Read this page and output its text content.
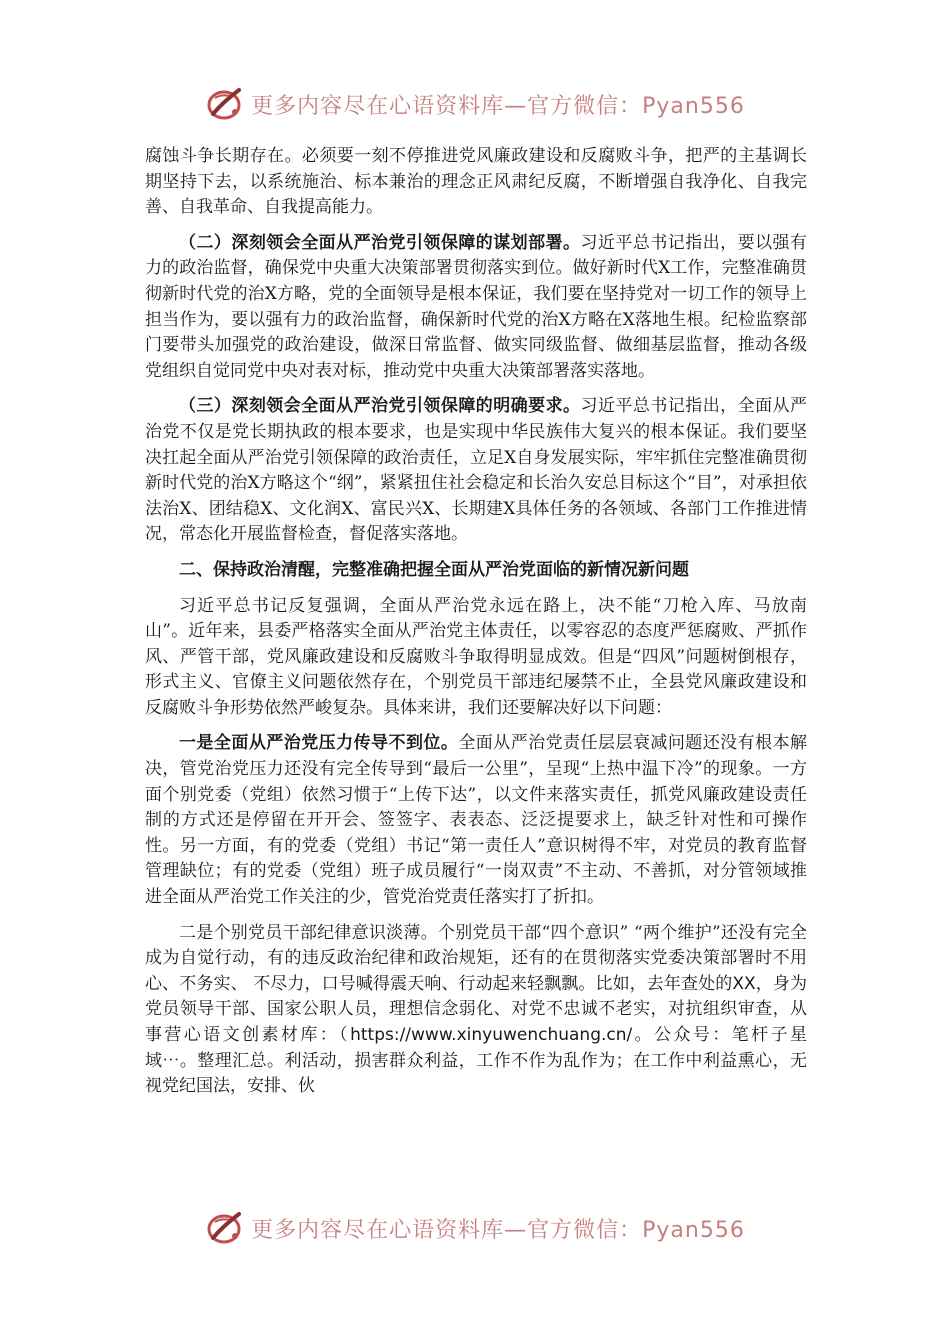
更多内容尽在心语资料库—官方微信：Pyan556

腐蚀斗争长期存在。必须要一刻不停推进党风廉政建设和反腐败斗争，把严的主基调长期坚持下去，以系统施治、标本兼治的理念正风肃纪反腐，不断增强自我净化、自我完善、自我革命、自我提高能力。

（二）深刻领会全面从严治党引领保障的谋划部署。习近平总书记指出，要以强有力的政治监督，确保党中央重大决策部署贯彻落实到位。做好新时代X工作，完整准确贯彻新时代党的治X方略，党的全面领导是根本保证，我们要在坚持党对一切工作的领导上担当作为，要以强有力的政治监督，确保新时代党的治X方略在X落地生根。纪检监察部门要带头加强党的政治建设，做深日常监督、做实同级监督、做细基层监督，推动各级党组织自觉同党中央对表对标，推动党中央重大决策部署落实落地。

（三）深刻领会全面从严治党引领保障的明确要求。习近平总书记指出，全面从严治党不仅是党长期执政的根本要求，也是实现中华民族伟大复兴的根本保证。我们要坚决扛起全面从严治党引领保障的政治责任，立足X自身发展实际，牢牢抓住完整准确贯彻新时代党的治X方略这个“纲”，紧紧扭住社会稳定和长治久安总目标这个“目”，对承担依法治X、团结稳X、文化润X、富民兴X、长期建X具体任务的各领域、各部门工作推进情况，常态化开展监督检查，督促落实落地。

二、保持政治清醒，完整准确把握全面从严治党面临的新情况新问题

习近平总书记反复强调，全面从严治党永远在路上，决不能“刀枪入库、马放南山”。近年来，县委严格落实全面从严治党主体责任，以零容忍的态度严惩腐败、严抓作风、严管干部，党风廉政建设和反腐败斗争取得明显成效。但是“四风”问题树倒根存，形式主义、官僚主义问题依然存在，个别党员干部违纪屡禁不止，全县党风廉政建设和反腐败斗争形势依然严峻复杂。具体来讲，我们还要解决好以下问题：

一是全面从严治党压力传导不到位。全面从严治党责任层层衰减问题还没有根本解决，管党治党压力还没有完全传导到“最后一公里”，呈现“上热中温下冷”的现象。一方面个别党委（党组）依然习惯于“上传下达”，以文件来落实责任，抓党风廉政建设责任制的方式还是停留在开开会、签签字、表表态、泛泛提要求上，缺乏针对性和可操作性。另一方面，有的党委（党组）书记“第一责任人”意识树得不牢，对党员的教育监督管理缺位；有的党委（党组）班子成员履行“一岗双责”不主动、不善抓，对分管领域推进全面从严治党工作关注的少，管党治党责任落实打了折扣。

二是个别党员干部纪律意识淡薄。个别党员干部“四个意识” “两个维护”还没有完全成为自觉行动，有的违反政治纪律和政治规矩，还有的在贯彻落实党委决策部署时不用心、不务实、 不尽力，口号喊得震天响、行动起来轻飘飘。比如，去年查处的XX，身为党员领导干部、国家公职人员，理想信念弱化、对党不忠诚不老实，对抗组织审查，从事营心语文创素材库：（https://www.xinyuwenchuang.cn/。公众号：笔杆子星域⋯。整理汇总。利活动，损害群众利益，工作不作为乱作为；在工作中利益熏心，无视党纪国法，安排、伙

更多内容尽在心语资料库—官方微信：Pyan556
